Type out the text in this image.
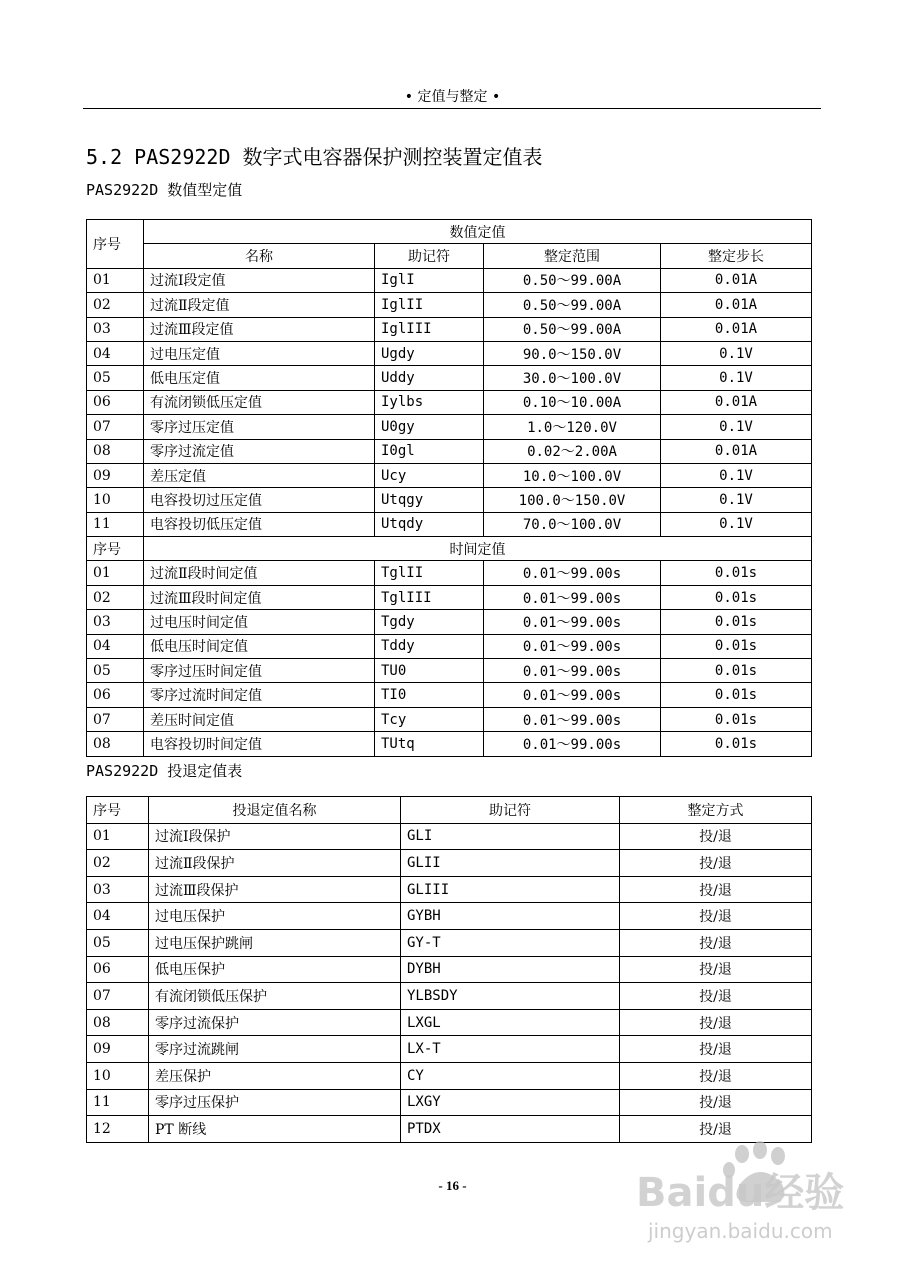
• 定值与整定 •
5.2 PAS2922D 数字式电容器保护测控装置定值表
PAS2922D 数值型定值
序号	数值定值			
	名称	助记符	整定范围	整定步长
01	过流Ⅰ段定值	IglI	0.50～99.00A	0.01A
02	过流Ⅱ段定值	IglII	0.50～99.00A	0.01A
03	过流Ⅲ段定值	IglIII	0.50～99.00A	0.01A
04	过电压定值	Ugdy	90.0～150.0V	0.1V
05	低电压定值	Uddy	30.0～100.0V	0.1V
06	有流闭锁低压定值	Iylbs	0.10～10.00A	0.01A
07	零序过压定值	U0gy	1.0～120.0V	0.1V
08	零序过流定值	I0gl	0.02～2.00A	0.01A
09	差压定值	Ucy	10.0～100.0V	0.1V
10	电容投切过压定值	Utqgy	100.0～150.0V	0.1V
11	电容投切低压定值	Utqdy	70.0～100.0V	0.1V
序号	时间定值			
01	过流Ⅱ段时间定值	TglII	0.01～99.00s	0.01s
02	过流Ⅲ段时间定值	TglIII	0.01～99.00s	0.01s
03	过电压时间定值	Tgdy	0.01～99.00s	0.01s
04	低电压时间定值	Tddy	0.01～99.00s	0.01s
05	零序过压时间定值	TU0	0.01～99.00s	0.01s
06	零序过流时间定值	TI0	0.01～99.00s	0.01s
07	差压时间定值	Tcy	0.01～99.00s	0.01s
08	电容投切时间定值	TUtq	0.01～99.00s	0.01s
PAS2922D 投退定值表
序号	投退定值名称	助记符	整定方式
01	过流Ⅰ段保护	GLI	投/退
02	过流Ⅱ段保护	GLII	投/退
03	过流Ⅲ段保护	GLIII	投/退
04	过电压保护	GYBH	投/退
05	过电压保护跳闸	GY-T	投/退
06	低电压保护	DYBH	投/退
07	有流闭锁低压保护	YLBSDY	投/退
08	零序过流保护	LXGL	投/退
09	零序过流跳闸	LX-T	投/退
10	差压保护	CY	投/退
11	零序过压保护	LXGY	投/退
12	PT 断线	PTDX	投/退
- 16 -	Baidu经验
jingyan.baidu.com
